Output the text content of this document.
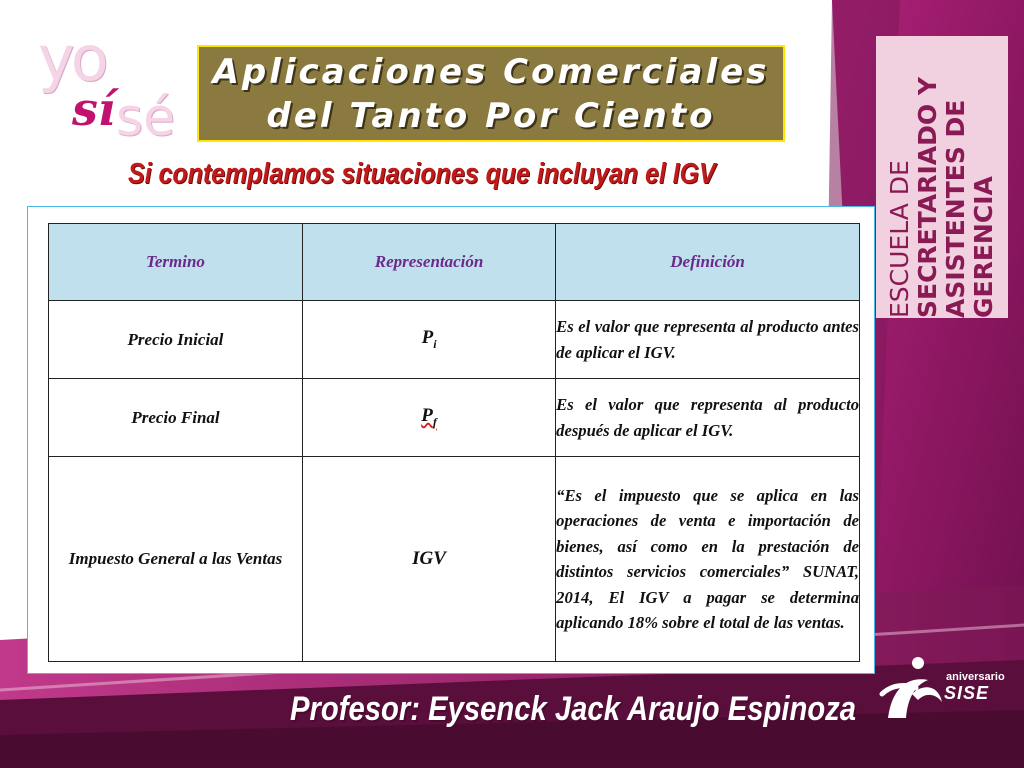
yo
sí sé
Aplicaciones Comerciales
del Tanto Por Ciento
Si contemplamos situaciones que incluyan el IGV	ESCUELA DE SECRETARIADO Y ASISTENTES DE GERENCIA
Termino	Representación	Definición
Precio Inicial	$P_i$	Es el valor que representa al producto antes de aplicar el IGV.
Precio Final	$P_f$	Es el valor que representa al producto después de aplicar el IGV.
Impuesto General a las Ventas	IGV	“Es el impuesto que se aplica en las operaciones de venta e importación de bienes, así como en la prestación de distintos servicios comerciales” SUNAT, 2014, El IGV a pagar se determina aplicando 18% sobre el total de las ventas.
aniversario
SISE
Profesor: Eysenck Jack Araujo Espinoza
